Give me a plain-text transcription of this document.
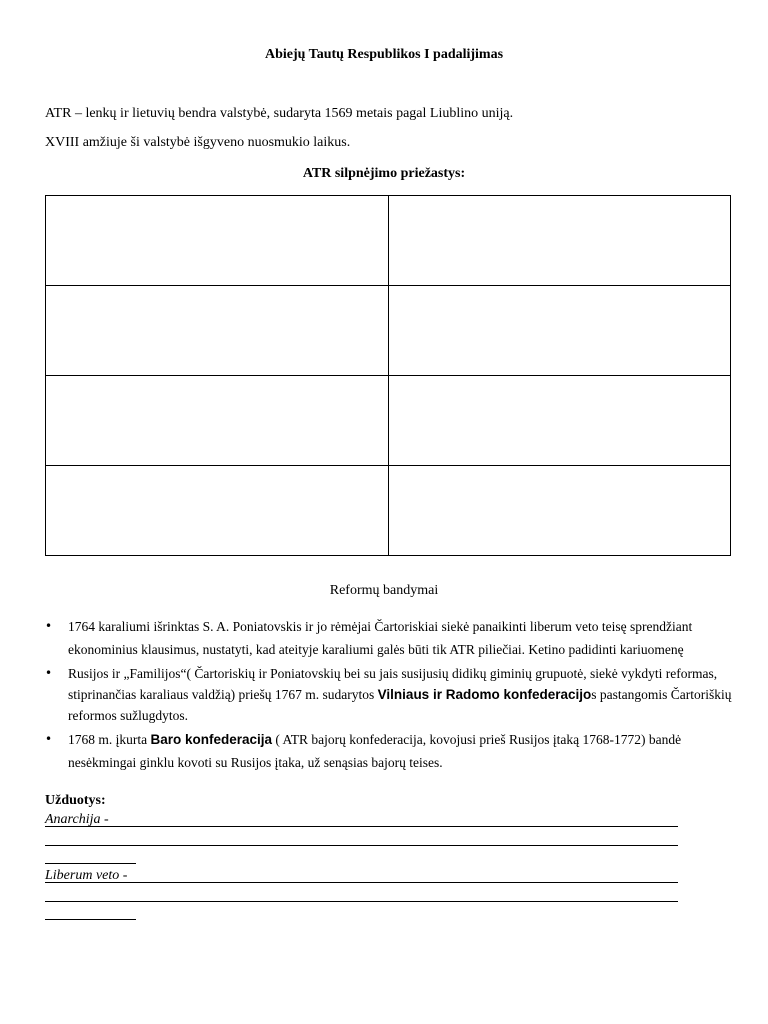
Abiejų Tautų Respublikos I padalijimas
ATR – lenkų ir lietuvių bendra valstybė, sudaryta 1569 metais pagal Liublino uniją.
XVIII amžiuje ši valstybė išgyveno nuosmukio laikus.
ATR silpnėjimo priežastys:

Reformų bandymai
• 1764 karaliumi išrinktas S. A. Poniatovskis ir jo rėmėjai Čartoriskiai siekė panaikinti liberum veto teisę sprendžiant ekonominius klausimus, nustatyti, kad ateityje karaliumi galės būti tik ATR piliečiai. Ketino padidinti kariuomenę
• Rusijos ir „Familijos“( Čartoriskių ir Poniatovskių bei su jais susijusių didikų giminių grupuotė, siekė vykdyti reformas, stiprinančias karaliaus valdžią) priešų 1767 m. sudarytos Vilniaus ir Radomo konfederacijos pastangomis Čartoriškių reformos sužlugdytos.
• 1768 m. įkurta Baro konfederacija ( ATR bajorų konfederacija, kovojusi prieš Rusijos įtaką 1768-1772) bandė nesėkmingai ginklu kovoti su Rusijos įtaka, už senąsias bajorų teises.
Užduotys:
Anarchija -
Liberum veto -
